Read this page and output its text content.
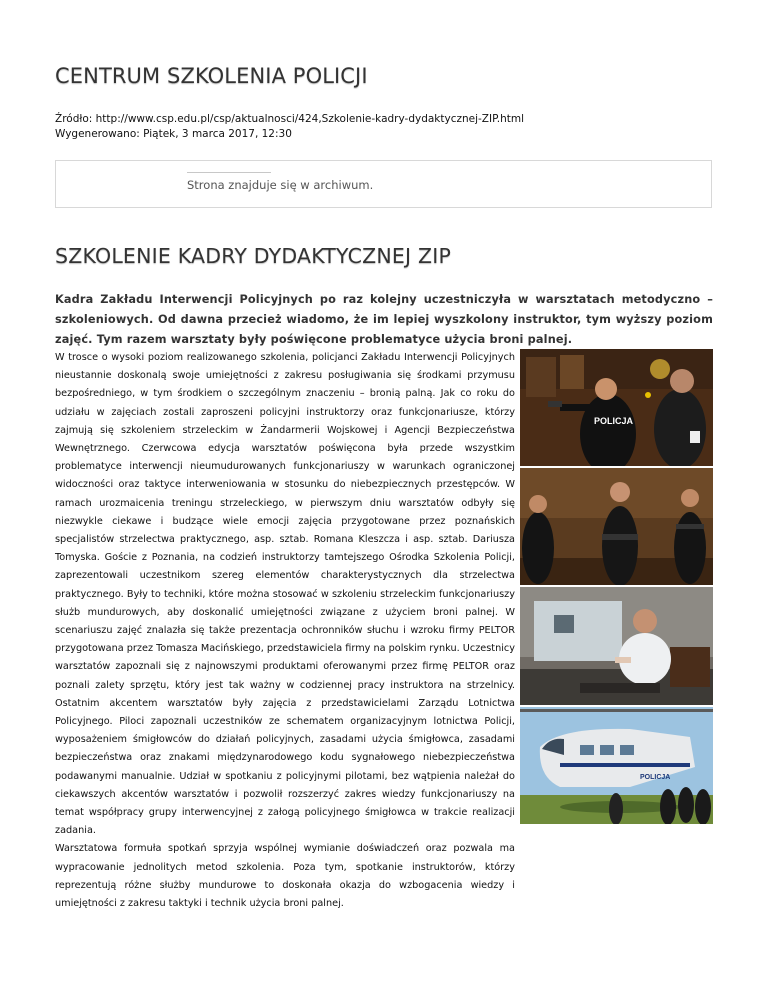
CENTRUM SZKOLENIA POLICJI
Źródło: http://www.csp.edu.pl/csp/aktualnosci/424,Szkolenie-kadry-dydaktycznej-ZIP.html
Wygenerowano: Piątek, 3 marca 2017, 12:30
Strona znajduje się w archiwum.
SZKOLENIE KADRY DYDAKTYCZNEJ ZIP

Kadra Zakładu Interwencji Policyjnych po raz kolejny uczestniczyła w warsztatach metodyczno – szkoleniowych. Od dawna przecież wiadomo, że im lepiej wyszkolony instruktor, tym wyższy poziom zajęć. Tym razem warsztaty były poświęcone problematyce użycia broni palnej.

W trosce o wysoki poziom realizowanego szkolenia, policjanci Zakładu Interwencji Policyjnych nieustannie doskonalą swoje umiejętności z zakresu posługiwania się środkami przymusu bezpośredniego, w tym środkiem o szczególnym znaczeniu – bronią palną. Jak co roku do udziału w zajęciach zostali zaproszeni policyjni instruktorzy oraz funkcjonariusze, którzy zajmują się szkoleniem strzeleckim w Żandarmerii Wojskowej i Agencji Bezpieczeństwa Wewnętrznego. Czerwcowa edycja warsztatów poświęcona była przede wszystkim problematyce interwencji nieumudurowanych funkcjonariuszy w warunkach ograniczonej widoczności oraz taktyce interweniowania w stosunku do niebezpiecznych przestępców. W ramach urozmaicenia treningu strzeleckiego, w pierwszym dniu warsztatów odbyły się niezwykle ciekawe i budzące wiele emocji zajęcia przygotowane przez poznańskich specjalistów strzelectwa praktycznego, asp. sztab. Romana Kleszcza i asp. sztab. Dariusza Tomyska. Goście z Poznania, na codzień instruktorzy tamtejszego Ośrodka Szkolenia Policji, zaprezentowali uczestnikom szereg elementów charakterystycznych dla strzelectwa praktycznego. Były to techniki, które można stosować w szkoleniu strzeleckim funkcjonariuszy służb mundurowych, aby doskonalić umiejętności związane z użyciem broni palnej. W scenariuszu zajęć znalazła się także prezentacja ochronników słuchu i wzroku firmy PELTOR przygotowana przez Tomasza Macińskiego, przedstawiciela firmy na polskim rynku. Uczestnicy warsztatów zapoznali się z najnowszymi produktami oferowanymi przez firmę PELTOR oraz poznali zalety sprzętu, który jest tak ważny w codziennej pracy instruktora na strzelnicy. Ostatnim akcentem warsztatów były zajęcia z przedstawicielami Zarządu Lotnictwa Policyjnego. Piloci zapoznali uczestników ze schematem organizacyjnym lotnictwa Policji, wyposażeniem śmigłowców do działań policyjnych, zasadami użycia śmigłowca, zasadami bezpieczeństwa oraz znakami międzynarodowego kodu sygnałowego niebezpieczeństwa podawanymi manualnie. Udział w spotkaniu z policyjnymi pilotami, bez wątpienia należał do ciekawszych akcentów warsztatów i pozwolił rozszerzyć zakres wiedzy funkcjonariuszy na temat współpracy grupy interwencyjnej z załogą policyjnego śmigłowca w trakcie realizacji zadania.
Warsztatowa formuła spotkań sprzyja wspólnej wymianie doświadczeń oraz pozwala ma wypracowanie jednolitych metod szkolenia. Poza tym, spotkanie instruktorów, którzy reprezentują różne służby mundurowe to doskonała okazja do wzbogacenia wiedzy i umiejętności z zakresu taktyki i technik użycia broni palnej.
POLICJA
POLICJA
